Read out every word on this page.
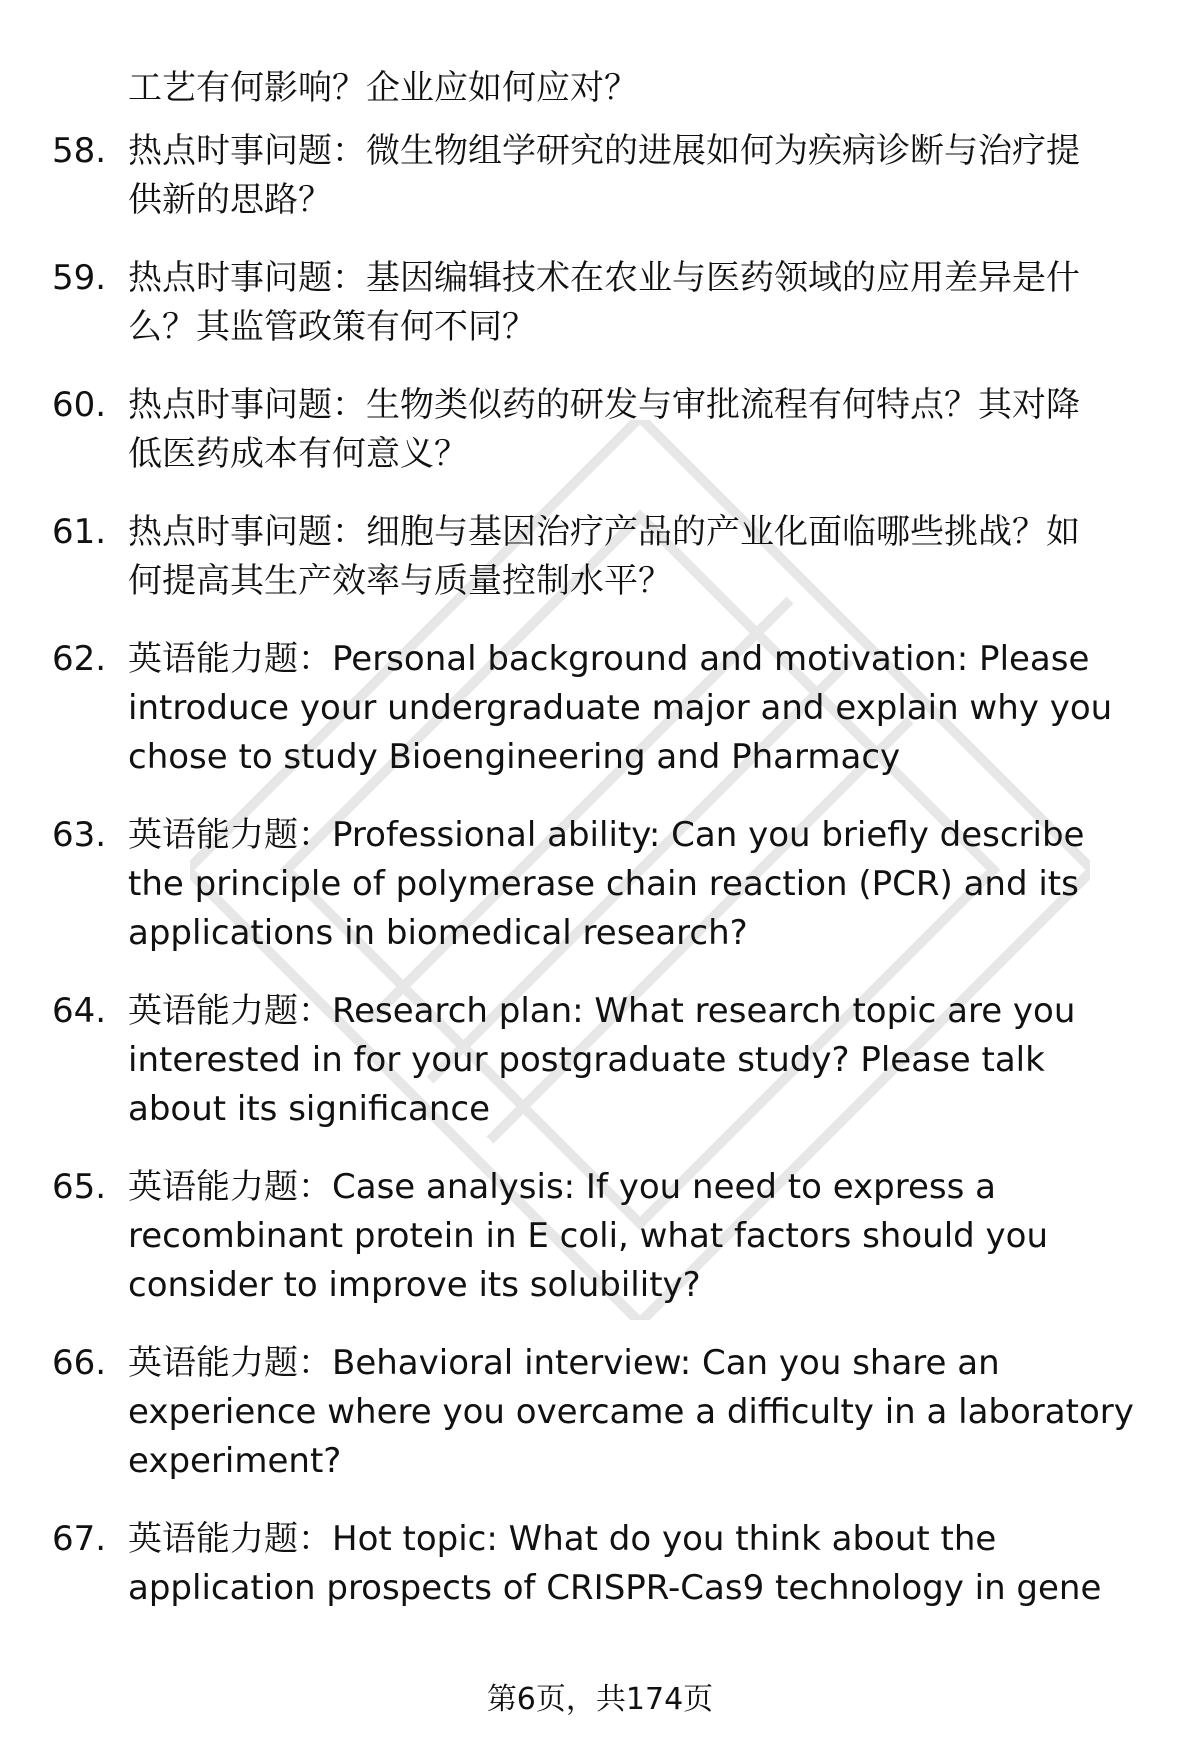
工艺有何影响？企业应如何应对？
58. 热点时事问题：微生物组学研究的进展如何为疾病诊断与治疗提
供新的思路？
59. 热点时事问题：基因编辑技术在农业与医药领域的应用差异是什
么？其监管政策有何不同？
60. 热点时事问题：生物类似药的研发与审批流程有何特点？其对降
低医药成本有何意义？
61. 热点时事问题：细胞与基因治疗产品的产业化面临哪些挑战？如
何提高其生产效率与质量控制水平？
62. 英语能力题：Personal background and motivation: Please
introduce your undergraduate major and explain why you
chose to study Bioengineering and Pharmacy
63. 英语能力题：Professional ability: Can you briefly describe
the principle of polymerase chain reaction (PCR) and its
applications in biomedical research?
64. 英语能力题：Research plan: What research topic are you
interested in for your postgraduate study? Please talk
about its significance
65. 英语能力题：Case analysis: If you need to express a
recombinant protein in E coli, what factors should you
consider to improve its solubility?
66. 英语能力题：Behavioral interview: Can you share an
experience where you overcame a difficulty in a laboratory
experiment?
67. 英语能力题：Hot topic: What do you think about the
application prospects of CRISPR-Cas9 technology in gene
第6页，共174页
